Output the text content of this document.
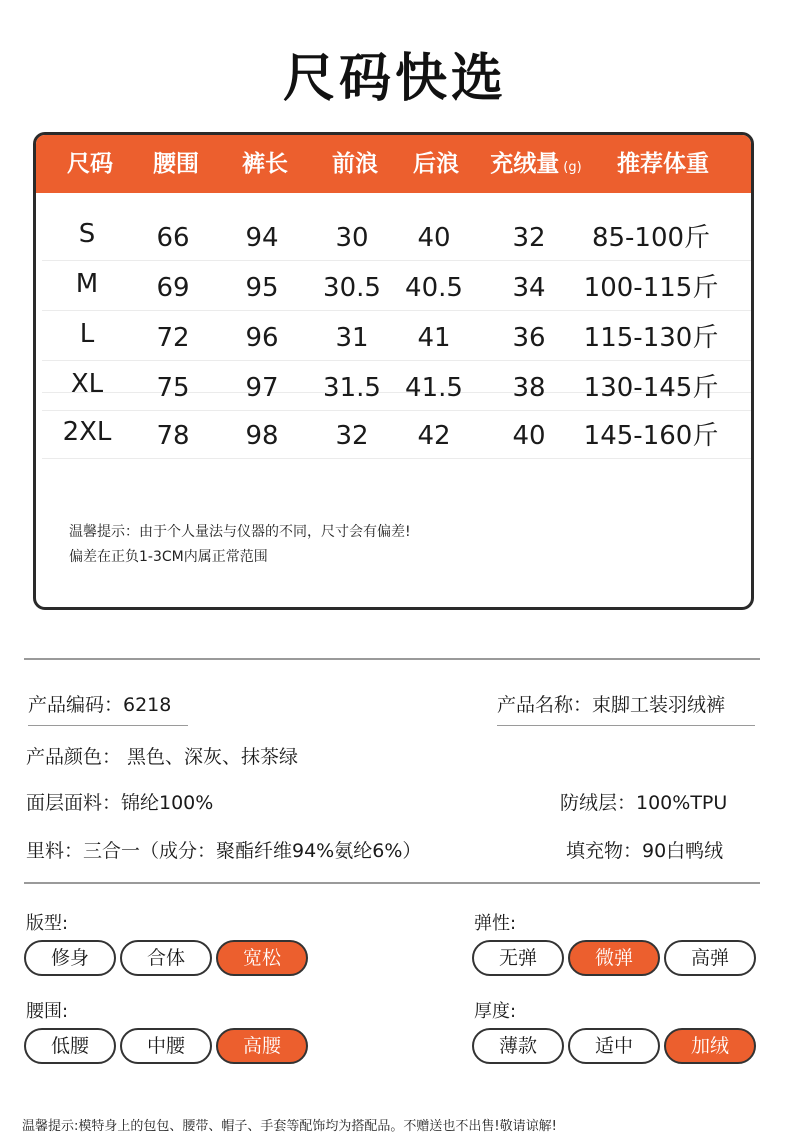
尺码快选
尺码 腰围 裤长 前浪 后浪 充绒量 (g) 推荐体重
S 66 94 30 40 32 85-100斤
M 69 95 30.5 40.5 34 100-115斤
L 72 96 31 41 36 115-130斤
XL 75 97 31.5 41.5 38 130-145斤
2XL 78 98 32 42 40 145-160斤
温馨提示：由于个人量法与仪器的不同，尺寸会有偏差!
偏差在正负1-3CM内属正常范围
产品编码：6218	产品名称：束脚工装羽绒裤
产品颜色： 黑色、深灰、抹茶绿
面层面料：锦纶100%	防绒层：100%TPU
里料：三合一（成分：聚酯纤维94%氨纶6%）	填充物：90白鸭绒
版型:
修身	合体	宽松
弹性:
无弹	微弹	高弹
腰围:
低腰	中腰	高腰
厚度:
薄款	适中	加绒
温馨提示:模特身上的包包、腰带、帽子、手套等配饰均为搭配品。不赠送也不出售!敬请谅解!
